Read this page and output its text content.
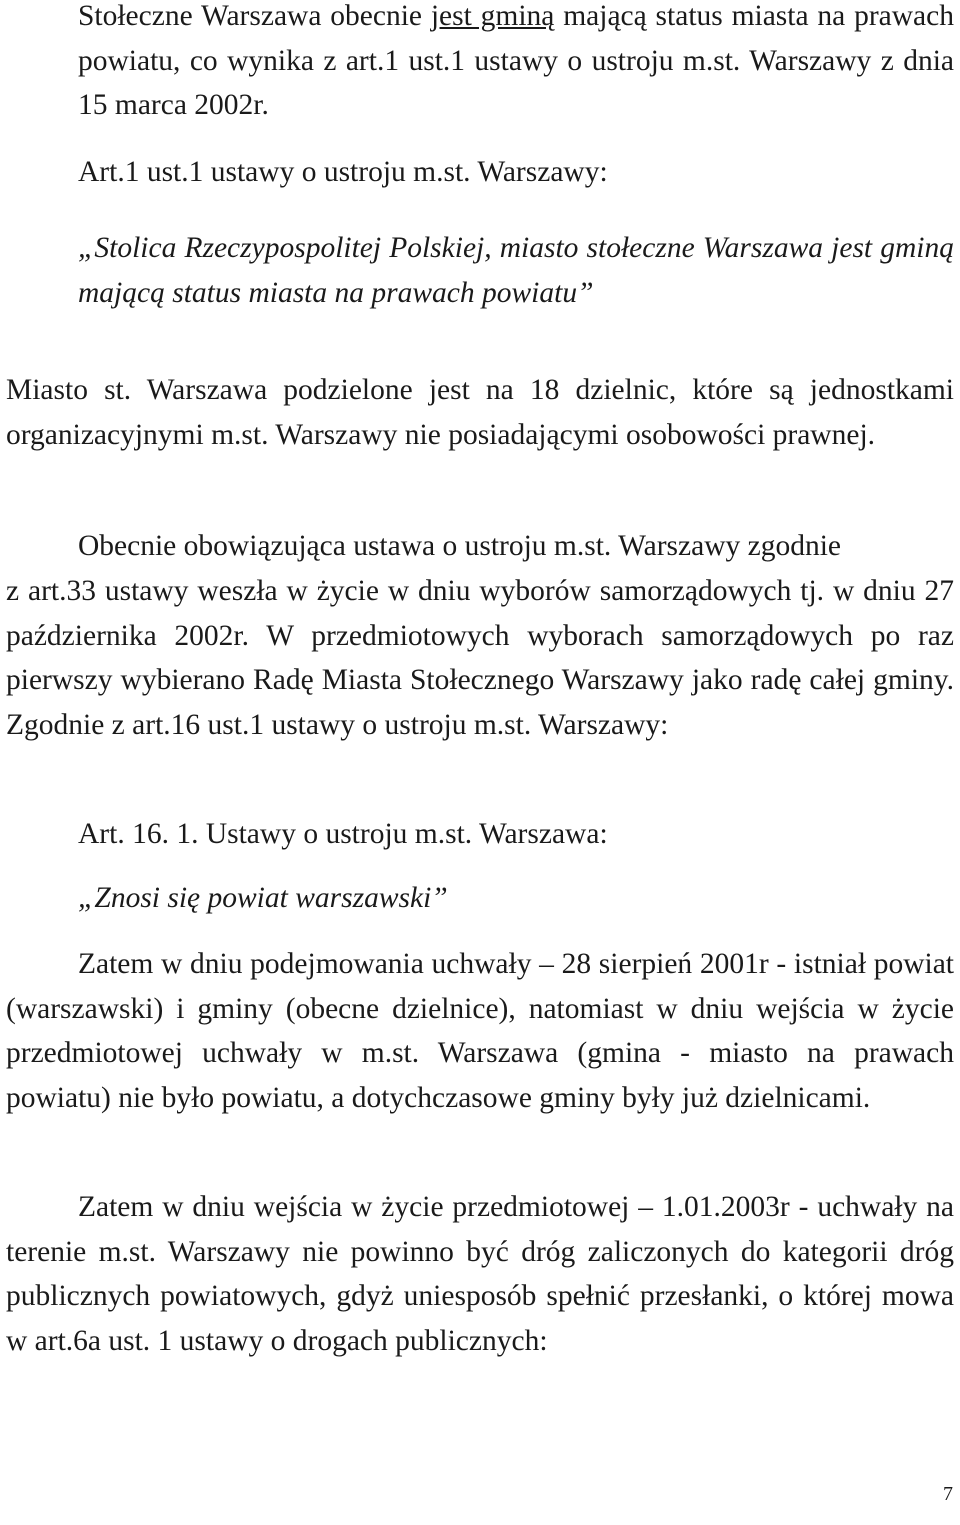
Stołeczne Warszawa obecnie jest gminą mającą status miasta na prawach powiatu, co wynika z art.1 ust.1 ustawy o ustroju m.st. Warszawy z dnia 15 marca 2002r.

Art.1 ust.1 ustawy o ustroju m.st. Warszawy:

„Stolica Rzeczypospolitej Polskiej, miasto stołeczne Warszawa jest gminą mającą status miasta na prawach powiatu”

Miasto st. Warszawa podzielone jest na 18 dzielnic, które są jednostkami organizacyjnymi m.st. Warszawy nie posiadającymi osobowości prawnej.

Obecnie obowiązująca ustawa o ustroju m.st. Warszawy zgodnie

z art.33 ustawy weszła w życie w dniu wyborów samorządowych tj. w dniu 27 października 2002r. W przedmiotowych wyborach samorządowych po raz pierwszy wybierano Radę Miasta Stołecznego Warszawy jako radę całej gminy. Zgodnie z art.16 ust.1 ustawy o ustroju m.st. Warszawy:

Art. 16. 1. Ustawy o ustroju m.st. Warszawa:

„Znosi się powiat warszawski”

Zatem w dniu podejmowania uchwały – 28 sierpień 2001r - istniał powiat (warszawski) i gminy (obecne dzielnice), natomiast w dniu wejścia w życie przedmiotowej uchwały w m.st. Warszawa (gmina - miasto na prawach powiatu) nie było powiatu, a dotychczasowe gminy były już dzielnicami.

Zatem w dniu wejścia w życie przedmiotowej – 1.01.2003r - uchwały na terenie m.st. Warszawy nie powinno być dróg zaliczonych do kategorii dróg publicznych powiatowych, gdyż uniesposób spełnić przesłanki, o której mowa w art.6a ust. 1 ustawy o drogach publicznych:

7
